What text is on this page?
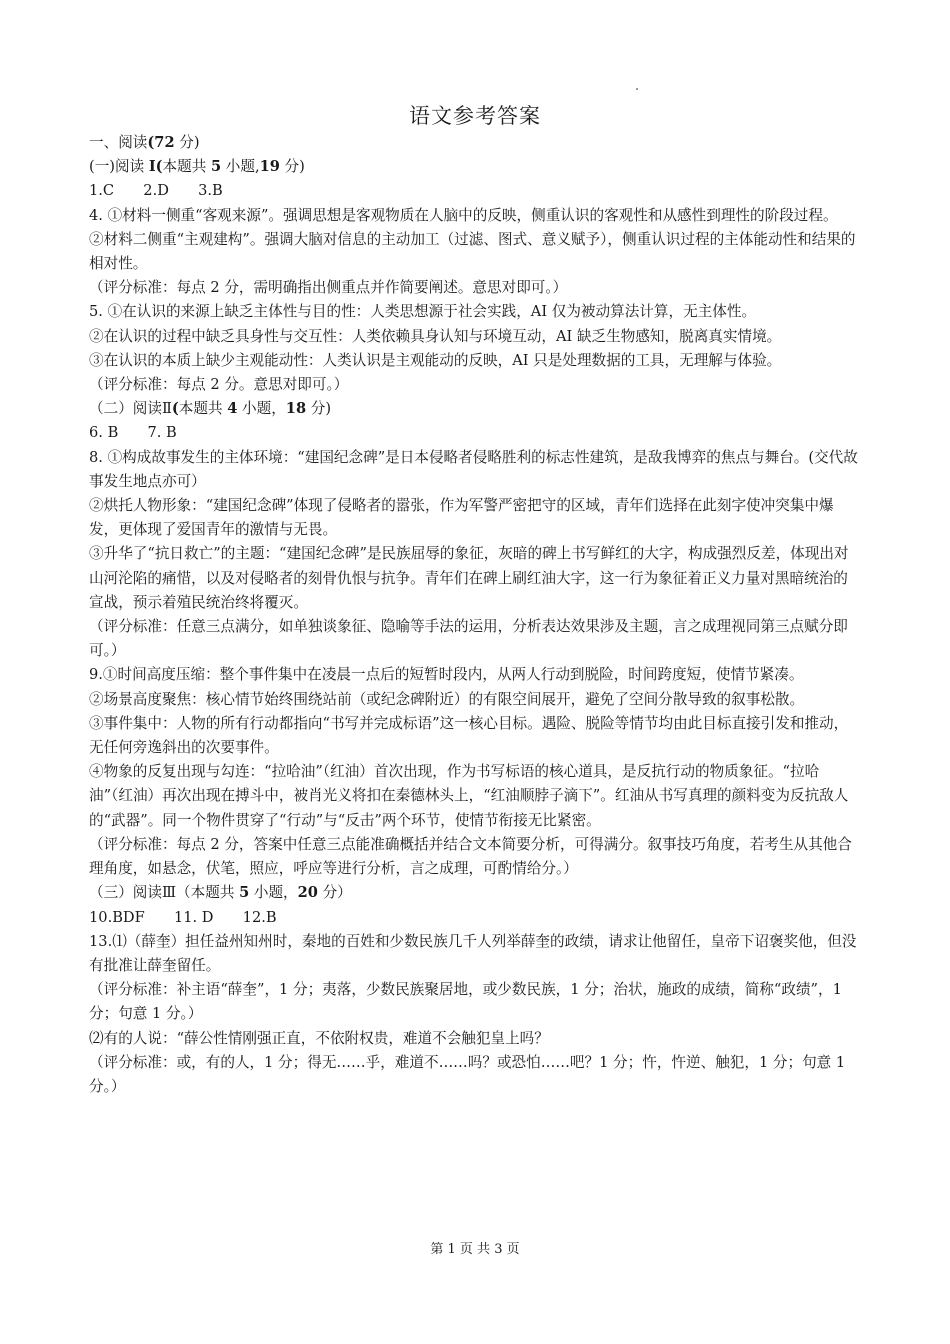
语文参考答案

一、阅读(72 分)

(一)阅读 I(本题共 5 小题,19 分)

1.C　　2.D　　3.B

4. ①材料一侧重“客观来源”。强调思想是客观物质在人脑中的反映，侧重认识的客观性和从感性到理性的阶段过程。

②材料二侧重“主观建构”。强调大脑对信息的主动加工（过滤、图式、意义赋予），侧重认识过程的主体能动性和结果的相对性。

（评分标准：每点 2 分，需明确指出侧重点并作简要阐述。意思对即可。）

5. ①在认识的来源上缺乏主体性与目的性：人类思想源于社会实践，AI 仅为被动算法计算，无主体性。

②在认识的过程中缺乏具身性与交互性：人类依赖具身认知与环境互动，AI 缺乏生物感知，脱离真实情境。

③在认识的本质上缺少主观能动性：人类认识是主观能动的反映，AI 只是处理数据的工具，无理解与体验。

（评分标准：每点 2 分。意思对即可。）

（二）阅读Ⅱ(本题共 4 小题，18 分)

6. B　　7. B

8. ①构成故事发生的主体环境：“建国纪念碑”是日本侵略者侵略胜利的标志性建筑，是敌我博弈的焦点与舞台。(交代故事发生地点亦可）

②烘托人物形象：“建国纪念碑”体现了侵略者的嚣张，作为军警严密把守的区域，青年们选择在此刻字使冲突集中爆发，更体现了爱国青年的激情与无畏。

③升华了“抗日救亡”的主题：“建国纪念碑”是民族屈辱的象征，灰暗的碑上书写鲜红的大字，构成强烈反差，体现出对山河沦陷的痛惜，以及对侵略者的刻骨仇恨与抗争。青年们在碑上刷红油大字，这一行为象征着正义力量对黑暗统治的宣战，预示着殖民统治终将覆灭。

（评分标准：任意三点满分，如单独谈象征、隐喻等手法的运用，分析表达效果涉及主题，言之成理视同第三点赋分即可。）

9.①时间高度压缩：整个事件集中在凌晨一点后的短暂时段内，从两人行动到脱险，时间跨度短，使情节紧凑。

②场景高度聚焦：核心情节始终围绕站前（或纪念碑附近）的有限空间展开，避免了空间分散导致的叙事松散。

③事件集中：人物的所有行动都指向“书写并完成标语”这一核心目标。遇险、脱险等情节均由此目标直接引发和推动，无任何旁逸斜出的次要事件。

④物象的反复出现与勾连：“拉哈油”（红油）首次出现，作为书写标语的核心道具，是反抗行动的物质象征。“拉哈油”（红油）再次出现在搏斗中，被肖光义将扣在秦德林头上，“红油顺脖子滴下”。红油从书写真理的颜料变为反抗敌人的“武器”。同一个物件贯穿了“行动”与“反击”两个环节，使情节衔接无比紧密。

（评分标准：每点 2 分，答案中任意三点能准确概括并结合文本简要分析，可得满分。叙事技巧角度，若考生从其他合理角度，如悬念，伏笔，照应，呼应等进行分析，言之成理，可酌情给分。）

（三）阅读Ⅲ（本题共 5 小题，20 分）

10.BDF　　11. D　　12.B

13.⑴（薛奎）担任益州知州时，秦地的百姓和少数民族几千人列举薛奎的政绩，请求让他留任，皇帝下诏褒奖他，但没有批准让薛奎留任。

（评分标准：补主语“薛奎”，1 分；夷落，少数民族聚居地，或少数民族，1 分；治状，施政的成绩，简称“政绩”，1 分；句意 1 分。）

⑵有的人说：“薛公性情刚强正直，不依附权贵，难道不会触犯皇上吗？

（评分标准：或，有的人，1 分；得无……乎，难道不……吗？或恐怕……吧？1 分；忤，忤逆、触犯，1 分；句意 1 分。）

第 1 页 共 3 页
